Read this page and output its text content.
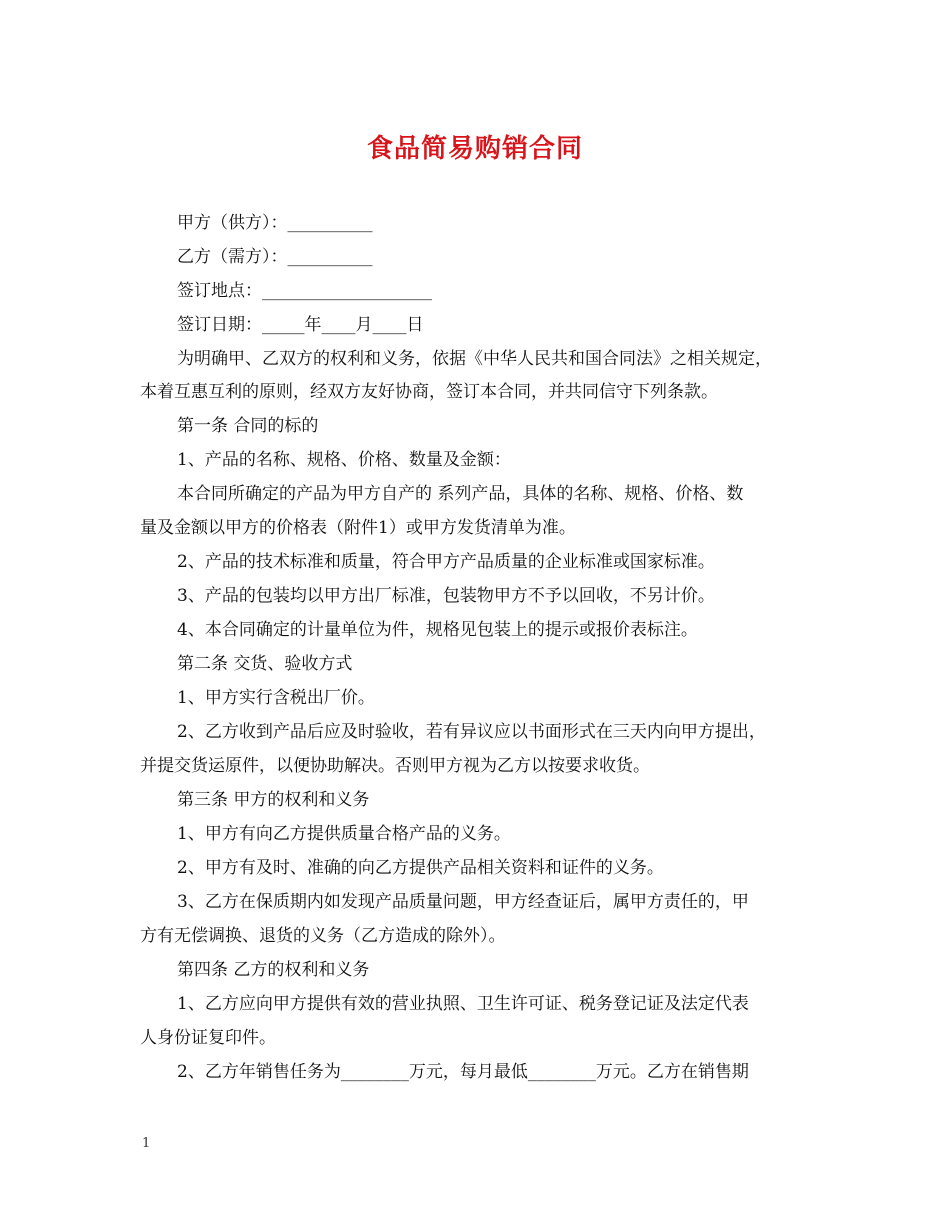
食品简易购销合同
甲方（供方）：__________
乙方（需方）：__________
签订地点：____________________
签订日期：_____年____月____日
为明确甲、乙双方的权利和义务，依据《中华人民共和国合同法》之相关规定，
本着互惠互利的原则，经双方友好协商，签订本合同，并共同信守下列条款。
第一条 合同的标的
1、产品的名称、规格、价格、数量及金额：
本合同所确定的产品为甲方自产的 系列产品，具体的名称、规格、价格、数
量及金额以甲方的价格表（附件1）或甲方发货清单为准。
2、产品的技术标准和质量，符合甲方产品质量的企业标准或国家标准。
3、产品的包装均以甲方出厂标准，包装物甲方不予以回收，不另计价。
4、本合同确定的计量单位为件，规格见包装上的提示或报价表标注。
第二条 交货、验收方式
1、甲方实行含税出厂价。
2、乙方收到产品后应及时验收，若有异议应以书面形式在三天内向甲方提出，
并提交货运原件，以便协助解决。否则甲方视为乙方以按要求收货。
第三条 甲方的权利和义务
1、甲方有向乙方提供质量合格产品的义务。
2、甲方有及时、准确的向乙方提供产品相关资料和证件的义务。
3、乙方在保质期内如发现产品质量问题，甲方经查证后，属甲方责任的，甲
方有无偿调换、退货的义务（乙方造成的除外）。
第四条 乙方的权利和义务
1、乙方应向甲方提供有效的营业执照、卫生许可证、税务登记证及法定代表
人身份证复印件。
2、乙方年销售任务为________万元，每月最低________万元。乙方在销售期
1
